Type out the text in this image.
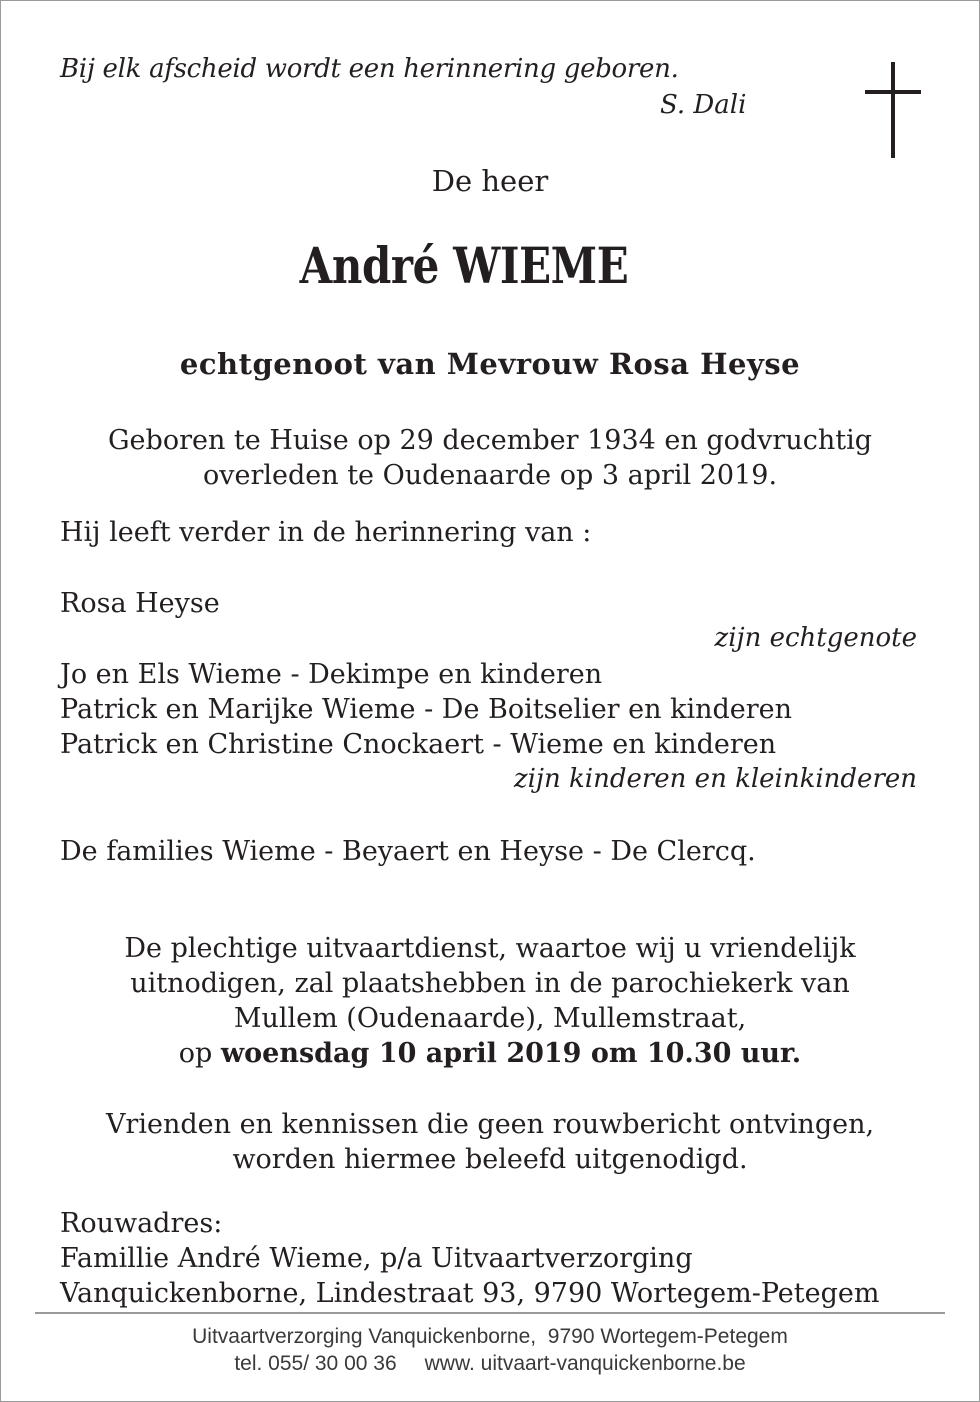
Bij elk afscheid wordt een herinnering geboren.
S. Dali
De heer
André WIEME
echtgenoot van Mevrouw Rosa Heyse
Geboren te Huise op 29 december 1934 en godvruchtig
overleden te Oudenaarde op 3 april 2019.
Hij leeft verder in de herinnering van :
Rosa Heyse
zijn echtgenote
Jo en Els Wieme - Dekimpe en kinderen
Patrick en Marijke Wieme - De Boitselier en kinderen
Patrick en Christine Cnockaert - Wieme en kinderen
zijn kinderen en kleinkinderen
De families Wieme - Beyaert en Heyse - De Clercq.
De plechtige uitvaartdienst, waartoe wij u vriendelijk
uitnodigen, zal plaatshebben in de parochiekerk van
Mullem (Oudenaarde), Mullemstraat,
op woensdag 10 april 2019 om 10.30 uur.
Vrienden en kennissen die geen rouwbericht ontvingen,
worden hiermee beleefd uitgenodigd.
Rouwadres:
Famillie André Wieme, p/a Uitvaartverzorging
Vanquickenborne, Lindestraat 93, 9790 Wortegem-Petegem
Uitvaartverzorging Vanquickenborne, 9790 Wortegem-Petegem
tel. 055/ 30 00 36 www. uitvaart-vanquickenborne.be
